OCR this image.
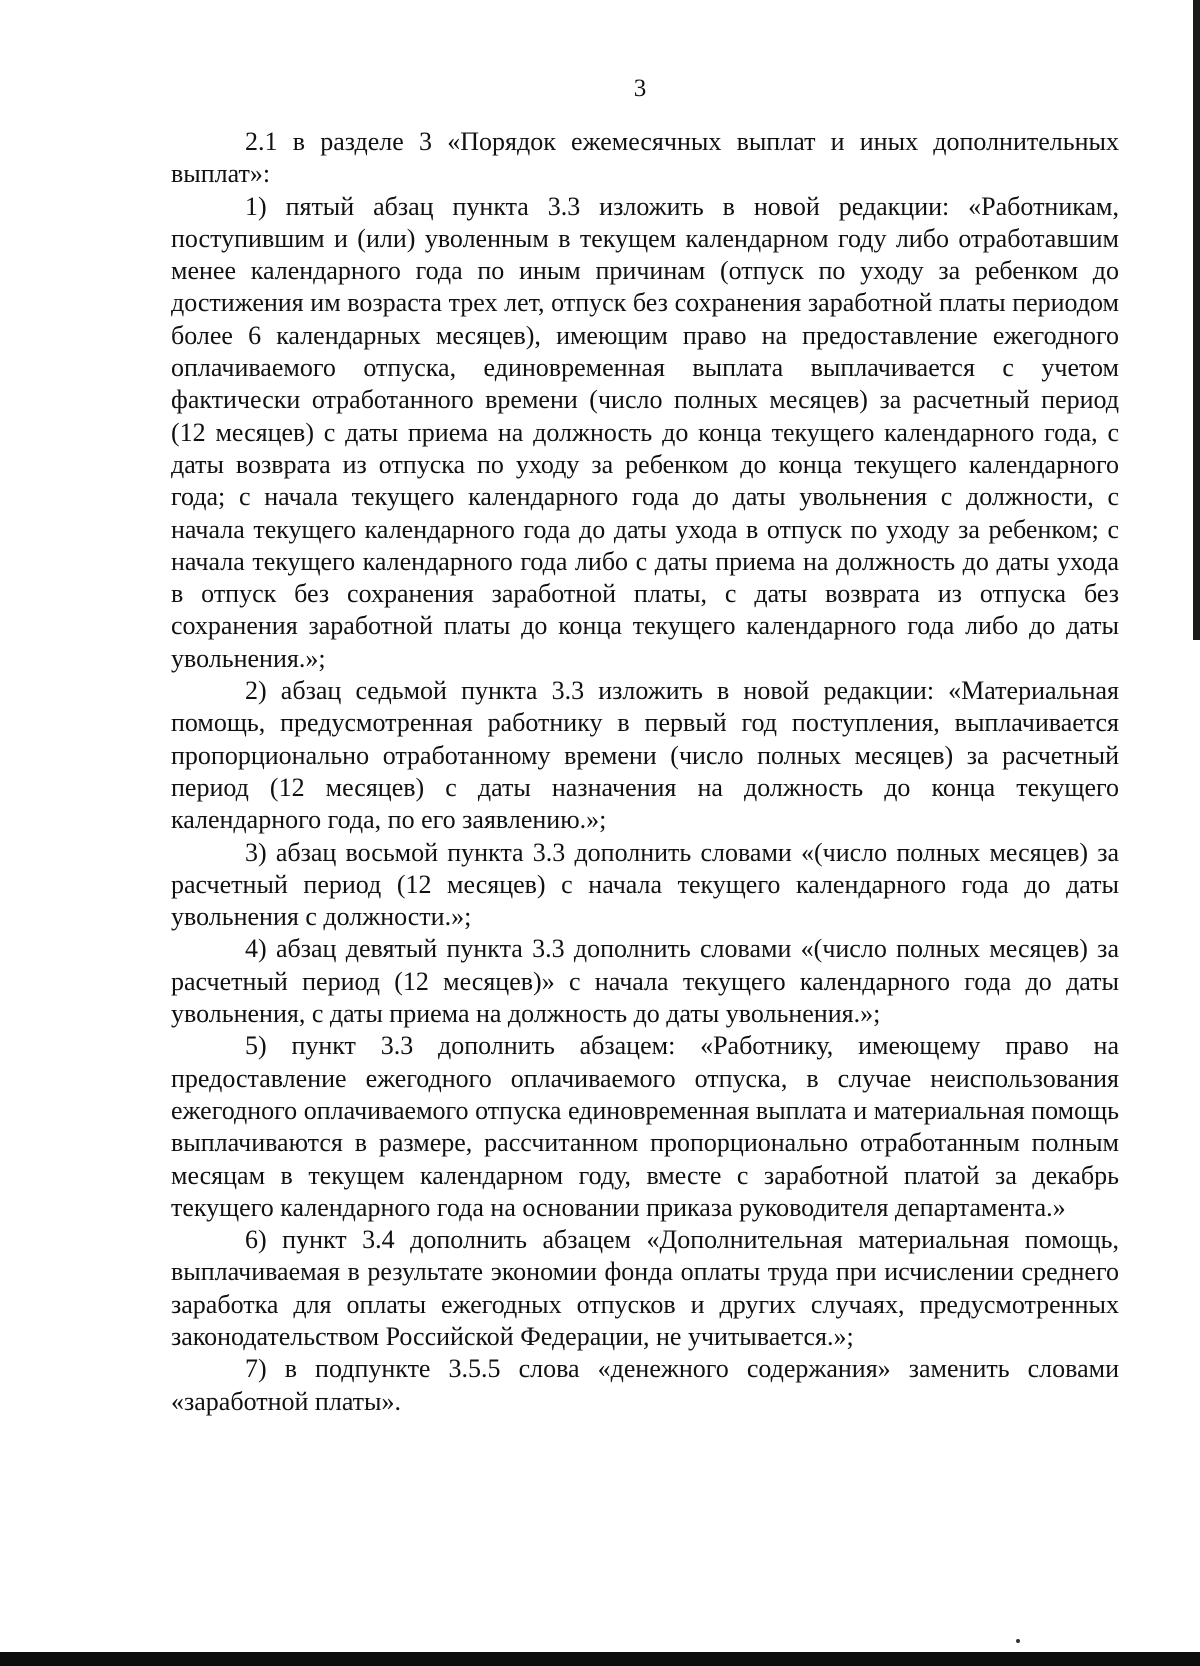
3

2.1 в разделе 3 «Порядок ежемесячных выплат и иных дополнительных выплат»:

1) пятый абзац пункта 3.3 изложить в новой редакции: «Работникам, поступившим и (или) уволенным в текущем календарном году либо отработавшим менее календарного года по иным причинам (отпуск по уходу за ребенком до достижения им возраста трех лет, отпуск без сохранения заработной платы периодом более 6 календарных месяцев), имеющим право на предоставление ежегодного оплачиваемого отпуска, единовременная выплата выплачивается с учетом фактически отработанного времени (число полных месяцев) за расчетный период (12 месяцев) с даты приема на должность до конца текущего календарного года, с даты возврата из отпуска по уходу за ребенком до конца текущего календарного года; с начала текущего календарного года до даты увольнения с должности, с начала текущего календарного года до даты ухода в отпуск по уходу за ребенком; с начала текущего календарного года либо с даты приема на должность до даты ухода в отпуск без сохранения заработной платы, с даты возврата из отпуска без сохранения заработной платы до конца текущего календарного года либо до даты увольнения.»;

2) абзац седьмой пункта 3.3 изложить в новой редакции: «Материальная помощь, предусмотренная работнику в первый год поступления, выплачивается пропорционально отработанному времени (число полных месяцев) за расчетный период (12 месяцев) с даты назначения на должность до конца текущего календарного года, по его заявлению.»;

3) абзац восьмой пункта 3.3 дополнить словами «(число полных месяцев) за расчетный период (12 месяцев) с начала текущего календарного года до даты увольнения с должности.»;

4) абзац девятый пункта 3.3 дополнить словами «(число полных месяцев) за расчетный период (12 месяцев)» с начала текущего календарного года до даты увольнения, с даты приема на должность до даты увольнения.»;

5) пункт 3.3 дополнить абзацем: «Работнику, имеющему право на предоставление ежегодного оплачиваемого отпуска, в случае неиспользования ежегодного оплачиваемого отпуска единовременная выплата и материальная помощь выплачиваются в размере, рассчитанном пропорционально отработанным полным месяцам в текущем календарном году, вместе с заработной платой за декабрь текущего календарного года на основании приказа руководителя департамента.»

6) пункт 3.4 дополнить абзацем «Дополнительная материальная помощь, выплачиваемая в результате экономии фонда оплаты труда при исчислении среднего заработка для оплаты ежегодных отпусков и других случаях, предусмотренных законодательством Российской Федерации, не учитывается.»;

7) в подпункте 3.5.5 слова «денежного содержания» заменить словами «заработной платы».
